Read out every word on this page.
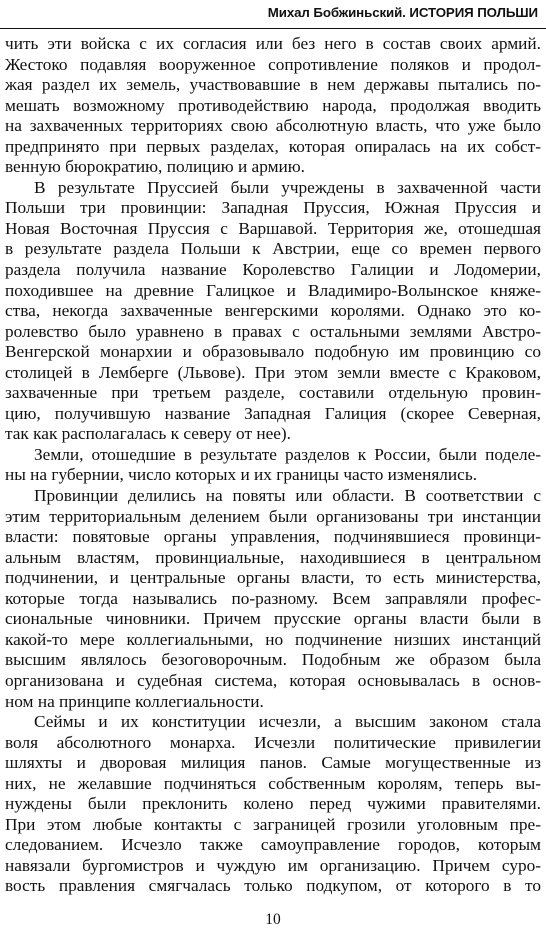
Михал Бобжиньский. ИСТОРИЯ ПОЛЬШИ
чить эти войска с их согласия или без него в состав своих армий.
Жестоко подавляя вооруженное сопротивление поляков и продол-
жая раздел их земель, участвовавшие в нем державы пытались по-
мешать возможному противодействию народа, продолжая вводить
на захваченных территориях свою абсолютную власть, что уже было
предпринято при первых разделах, которая опиралась на их собст-
венную бюрократию, полицию и армию.
В результате Пруссией были учреждены в захваченной части
Польши три провинции: Западная Пруссия, Южная Пруссия и
Новая Восточная Пруссия с Варшавой. Территория же, отошедшая
в результате раздела Польши к Австрии, еще со времен первого
раздела получила название Королевство Галиции и Лодомерии,
походившее на древние Галицкое и Владимиро-Волынское княже-
ства, некогда захваченные венгерскими королями. Однако это ко-
ролевство было уравнено в правах с остальными землями Австро-
Венгерской монархии и образовывало подобную им провинцию со
столицей в Лемберге (Львове). При этом земли вместе с Краковом,
захваченные при третьем разделе, составили отдельную провин-
цию, получившую название Западная Галиция (скорее Северная,
так как располагалась к северу от нее).
Земли, отошедшие в результате разделов к России, были поделе-
ны на губернии, число которых и их границы часто изменялись.
Провинции делились на повяты или области. В соответствии с
этим территориальным делением были организованы три инстанции
власти: повятовые органы управления, подчинявшиеся провинци-
альным властям, провинциальные, находившиеся в центральном
подчинении, и центральные органы власти, то есть министерства,
которые тогда назывались по-разному. Всем заправляли профес-
сиональные чиновники. Причем прусские органы власти были в
какой-то мере коллегиальными, но подчинение низших инстанций
высшим являлось безоговорочным. Подобным же образом была
организована и судебная система, которая основывалась в основ-
ном на принципе коллегиальности.
Сеймы и их конституции исчезли, а высшим законом стала
воля абсолютного монарха. Исчезли политические привилегии
шляхты и дворовая милиция панов. Самые могущественные из
них, не желавшие подчиняться собственным королям, теперь вы-
нуждены были преклонить колено перед чужими правителями.
При этом любые контакты с заграницей грозили уголовным пре-
следованием. Исчезло также самоуправление городов, которым
навязали бургомистров и чуждую им организацию. Причем суро-
вость правления смягчалась только подкупом, от которого в то
10
